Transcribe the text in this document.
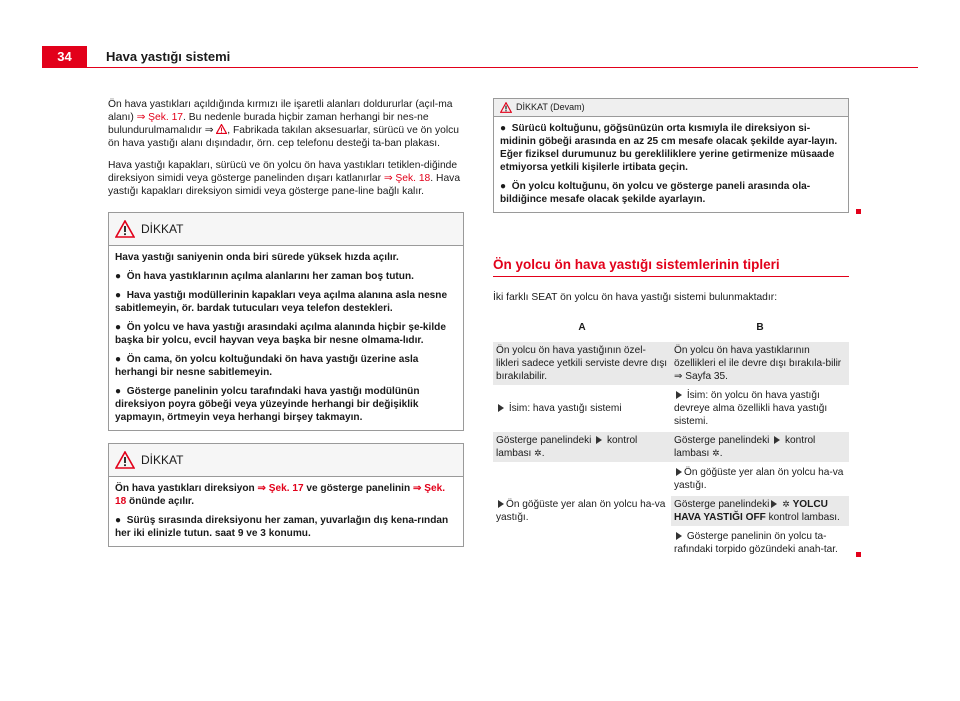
34	Hava yastığı sistemi

Ön hava yastıkları açıldığında kırmızı ile işaretli alanları doldururlar (açıl-ma alanı) ⇒ Şek. 17. Bu nedenle burada hiçbir zaman herhangi bir nes-ne bulundurulmamalıdır ⇒ , Fabrikada takılan aksesuarlar, sürücü ve ön yolcu ön hava yastığı alanı dışındadır, örn. cep telefonu desteği ta-ban plakası.

Hava yastığı kapakları, sürücü ve ön yolcu ön hava yastıkları tetiklen-diğinde direksiyon simidi veya gösterge panelinden dışarı katlanırlar ⇒ Şek. 18. Hava yastığı kapakları direksiyon simidi veya gösterge pane-line bağlı kalır.

DİKKAT

Hava yastığı saniyenin onda biri sürede yüksek hızda açılır.

●  Ön hava yastıklarının açılma alanlarını her zaman boş tutun.

●  Hava yastığı modüllerinin kapakları veya açılma alanına asla nesne sabitlemeyin, ör. bardak tutucuları veya telefon destekleri.

●  Ön yolcu ve hava yastığı arasındaki açılma alanında hiçbir şe-kilde başka bir yolcu, evcil hayvan veya başka bir nesne olmama-lıdır.

●  Ön cama, ön yolcu koltuğundaki ön hava yastığı üzerine asla herhangi bir nesne sabitlemeyin.

●  Gösterge panelinin yolcu tarafındaki hava yastığı modülünün direksiyon poyra göbeği veya yüzeyinde herhangi bir değişiklik yapmayın, örtmeyin veya herhangi birşey takmayın.

DİKKAT

Ön hava yastıkları direksiyon ⇒ Şek. 17 ve gösterge panelinin ⇒ Şek. 18 önünde açılır.

●  Sürüş sırasında direksiyonu her zaman, yuvarlağın dış kena-rından her iki elinizle tutun. saat 9 ve 3 konumu.

DİKKAT (Devam)

●  Sürücü koltuğunu, göğsünüzün orta kısmıyla ile direksiyon si-midinin göbeği arasında en az 25 cm mesafe olacak şekilde ayar-layın. Eğer fiziksel durumunuz bu gerekliliklere yerine getirmenize müsaade etmiyorsa yetkili kişilerle irtibata geçin.

●  Ön yolcu koltuğunu, ön yolcu ve gösterge paneli arasında ola-bildiğince mesafe olacak şekilde ayarlayın.

Ön yolcu ön hava yastığı sistemlerinin tipleri

İki farklı SEAT ön yolcu ön hava yastığı sistemi bulunmaktadır:

A	B
Ön yolcu ön hava yastığının özel-likleri sadece yetkili serviste devre dışı bırakılabilir.	Ön yolcu ön hava yastıklarının özellikleri el ile devre dışı bırakıla-bilir ⇒ Sayfa 35.
İsim: hava yastığı sistemi	İsim: ön yolcu ön hava yastığı devreye alma özellikli hava yastığı sistemi.
Gösterge panelindeki  kontrol lambası ✲.	Gösterge panelindeki  kontrol lambası ✲.
Ön göğüste yer alan ön yolcu ha-va yastığı.	Ön göğüste yer alan ön yolcu ha-va yastığı.
	Gösterge panelindeki ✲ YOLCU HAVA YASTIĞI OFF kontrol lambası.
	Gösterge panelinin ön yolcu ta-rafındaki torpido gözündeki anah-tar.
